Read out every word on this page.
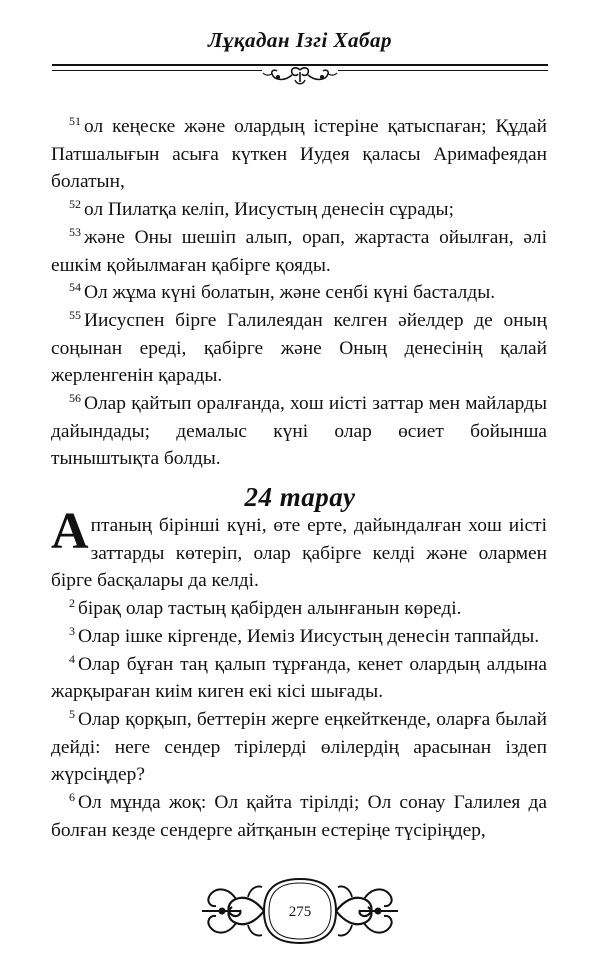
Лұқадан Ізгі Хабар

$^{51}$ ол кеңеске және олардың істеріне қатыспаған; Құдай Патшалығын асыға күткен Иудея қаласы Аримафеядан болатын,

$^{52}$ ол Пилатқа келіп, Иисустың денесін сұрады;

$^{53}$ және Оны шешіп алып, орап, жартаста ойылған, әлі ешкім қойылмаған қабірге қояды.

$^{54}$ Ол жұма күні болатын, және сенбі күні басталды.

$^{55}$ Иисуспен бірге Галилеядан келген әйелдер де оның соңынан ереді, қабірге және Оның денесінің қалай жерленгенін қарады.

$^{56}$ Олар қайтып оралғанда, хош иісті заттар мен майларды дайындады; демалыс күні олар өсиет бойынша тыныштықта болды.

24 тарау

Аптаның бірінші күні, өте ерте, дайындалған хош иісті заттарды көтеріп, олар қабірге келді және олармен бірге басқалары да келді.

$^2$ бірақ олар тастың қабірден алынғанын көреді.

$^3$ Олар ішке кіргенде, Иеміз Иисустың денесін таппайды.

$^4$ Олар бұған таң қалып тұрғанда, кенет олардың алдына жарқыраған киім киген екі кісі шығады.

$^5$ Олар қорқып, беттерін жерге еңкейткенде, оларға былай дейді: неге сендер тірілерді өлілердің арасынан іздеп жүрсіңдер?

$^6$ Ол мұнда жоқ: Ол қайта тірілді; Ол сонау Галилея да болған кезде сендерге айтқанын естеріңе түсіріңдер,

275
